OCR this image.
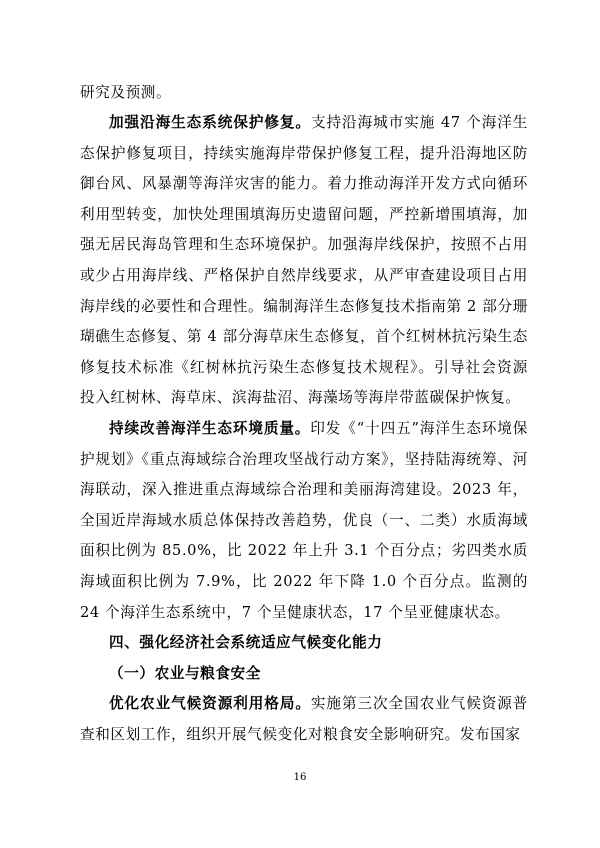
研究及预测。

加强沿海生态系统保护修复。支持沿海城市实施 47 个海洋生态保护修复项目，持续实施海岸带保护修复工程，提升沿海地区防御台风、风暴潮等海洋灾害的能力。着力推动海洋开发方式向循环利用型转变，加快处理围填海历史遗留问题，严控新增围填海，加强无居民海岛管理和生态环境保护。加强海岸线保护，按照不占用或少占用海岸线、严格保护自然岸线要求，从严审查建设项目占用海岸线的必要性和合理性。编制海洋生态修复技术指南第 2 部分珊瑚礁生态修复、第 4 部分海草床生态修复，首个红树林抗污染生态修复技术标准《红树林抗污染生态修复技术规程》。引导社会资源投入红树林、海草床、滨海盐沼、海藻场等海岸带蓝碳保护恢复。

持续改善海洋生态环境质量。印发《“十四五”海洋生态环境保护规划》《重点海域综合治理攻坚战行动方案》，坚持陆海统筹、河海联动，深入推进重点海域综合治理和美丽海湾建设。2023 年，全国近岸海域水质总体保持改善趋势，优良（一、二类）水质海域面积比例为 85.0%，比 2022 年上升 3.1 个百分点；劣四类水质海域面积比例为 7.9%，比 2022 年下降 1.0 个百分点。监测的 24 个海洋生态系统中，7 个呈健康状态，17 个呈亚健康状态。

四、强化经济社会系统适应气候变化能力
（一）农业与粮食安全

优化农业气候资源利用格局。实施第三次全国农业气候资源普查和区划工作，组织开展气候变化对粮食安全影响研究。发布国家

16
